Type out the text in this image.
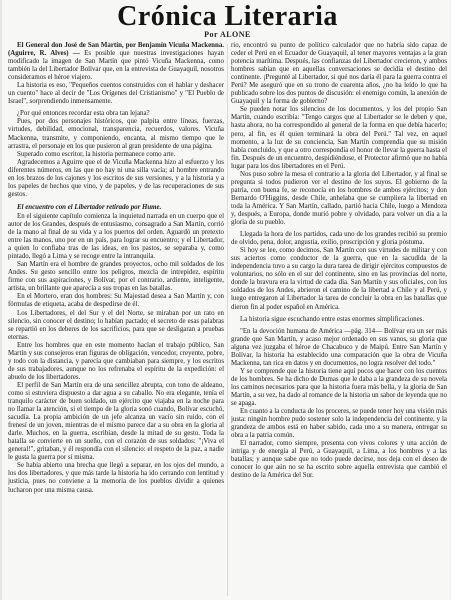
Crónica Literaria
Por ALONE

El General don José de San Martín, por Benjamín Vicuña Mackenna. (Aguirre, R. Alves) — Es posible que nuestras investigaciones hayan modificado la imagen de San Martín que pintó Vicuña Mackenna, como también la del Libertador Bolívar que, en la entrevista de Guayaquil, nosotros consideramos el héroe viajero.

La historia es eso, "Pequeños cuentos construidos con el hablar y deshacer un cuento" hace al decir de "Los Orígenes del Cristianismo" y "El Pueblo de Israel", sorprendiendo inmensamente.

¿Por qué entonces recordar esta obra tan lejana?

Pues, por dos personajes históricos, que palpita entre líneas, fuerzas, virtudes, debilidad, emocional, transparencia, recuerdos, valores. Vicuña Mackenna, transmite, y componiendo, encanta, al mismo tiempo que le arrastra, el personaje en los que pusieron al gran presidente de una página.

Superado como escritor, la historia permanece como arte.

Agradecemos a Aguirre que el de Vicuña Mackenna hizo al esfuerzo y los diferentes números, en las que no hay ni una silla vacía; al hombre entrando en los brazos de los cajones y los escritos de sus versiones, y a la historia y a los papeles de hechos que vino, y de papeles, y de las recuperaciones de sus gestos.

El encuentro con el Libertador retirado por Hume.

En el siguiente capítulo comienza la inquietud narrada en un cuerpo que el autor de los Grandes, después de entusiasmo, consagrado a San Martín, corrió de la mano al final de su vida y a los puertos del orden. Aguardó un pretexto entre las manos, uno por en un país, para lograr su encuentro; y el Libertador, a quien lo confiaba tras de las ideas, en los pastos, se separaba y, como pintado, llegó a Lima y se recoge entre la intranquila.

San Martín era el hombre de grandes proyectos, ocho mil soldados de los Andes. Su gesto sencillo entre los peligros, mezcla de intrepidez, espíritu firme con sus aspiraciones, y Bolívar, por el contrario, ardiente, inteligente, artista, un brillante que aparecía a sus tropas en las batallas.

En el Mortero, eran dos hombres: Su Majestad desea a San Martín y, con fórmulas de etiqueta, acaba de despedirse de él.

Los Libertadores, el del Sur y el del Norte, se miraban por un rato en silencio, sin conocer el destino; lo habían pactado; el secreto de esas palabras se repartió en los deberes de los sacrificios, para que se desligaran a pruebas eternas.

Entre los hombres que en este momento hacían el trabajo público, San Martín y sus consejeros eran figuras de obligación, vencedor, creyente, pobre, y todo con la distancia, y parecía que cambiaban para siempre, y los escritos de sus trabajadores, aunque no los refrenaba el espíritu de la expedición: el abuelo de los libertadores.

El perfil de San Martín era de una sencillez abrupta, con tono de aldeano, como si estuviera dispuesto a dar agua a su caballo. No era elegante, tenía el tranquilo carácter de buen soldado, un ejército que viajaba en la noche para no llamar la atención, si el tiempo de la gloria sonó cuando, Bolívar escuchó, sacudía. La propia ambición de un jefe alcanza un vacío sin ruido, con el frenesí de un joven, mientras de el mismo parece dar a su obra en la gloria al darle. Muchos, en la guerra, escribían, desde la mitad de su gesto. Toda la batalla se convierte en un sueño, con el corazón de sus soldados: "¡Viva el general!", gritaban, y él respondía con el silencio: el respeto de la paz, a nadie le gusta la guerra por sí misma.

Se había abierto una brecha que llegó a separar, en los ojos del mundo, a los dos libertadores, y que más tarde la historia ha ido cerrando con lentitud y justicia, pues no conviene a la memoria de los pueblos dividir a quienes lucharon por una misma causa.

rio, encontró su punto de político calculador que no habría sido capaz de ceder el Perú en el Ecuador de Guayaquil, al tener mayores ventajas a la gran potencia marítima. Después, las confianzas del Libertador crecieron, y ambos hombres sabían que en aquellas conversaciones se decidía el destino del continente. ¡Pregunté al Libertador, si qué nos daría él para la guerra contra el Perú? Me aseguró que en su trono de cuarenta años, ¿no ha leído lo que ha publicado sobre los dos puntos de discusión: el enemigo común, la anexión de Guayaquil y la forma de gobierno?

Se pueden notar los silencios de los documentos, y los del propio San Martín, cuando escribía: "Tengo cargos que al Libertador se le deben y que, hasta ahora, no ha correspondido al general de la forma en que debía hacerlo; pero, al fin, es él quien terminará la obra del Perú." Tal vez, en aquel momento, a la luz de su conciencia, San Martín comprendía que su misión había concluido, y que a otro correspondía el honor de llevar la guerra hasta el fin. Después de un encuentro, despidiéndose, el Protector afirmó que no había lugar para los dos libertadores en el Perú.

Nos puso sobre la mesa el contrario a la gloria del Libertador, y al final se pregunta si todos pudieron ver el destino de los suyos. El gobierno de la patria, con buena fe, se reconocía en los hombres de ambos ejércitos; y don Bernardo O'Higgins, desde Chile, anhelaba que se cumpliera la libertad en toda la América. Y San Martín, callado, partió hacia Chile, luego a Mendoza y, después, a Europa, donde murió pobre y olvidado, para volver un día a la gloria de su pueblo.

Llegada la hora de los partidos, cada uno de los grandes recibió su premio de olvido, pena, dolor, angustia, exilio, proscripción y gloria póstuma.

Si hoy se lee, como decimos, San Martín con sus virtudes de militar y con sus aciertos como conductor de la guerra, que en la sacudida de la independencia tuvo a su cargo la dura tarea de dirigir ejércitos compuestos de voluntarios, no sólo en el sur del continente, sino en las provincias del norte, donde la bravura era la virtud de cada día. San Martín y sus oficiales, con los soldados de los Andes, abrieron el camino de la libertad a Chile y al Perú, y luego entregaron al Libertador la tarea de concluir la obra en las batallas que dieron fin al poder español en América.

La historia sigue escuchando entre estas enormes simplificaciones.

"En la devoción humana de América —pág. 314— Bolívar era un ser más grande que San Martín, y acaso mejor ordenado en sus vanos, su gloria que alguna vez juzgaba el héroe de Chacabuco y de Maipú. Entre San Martín y Bolívar, la historia ha establecido una comparación que la obra de Vicuña Mackenna, tan rica en datos y en documentos, no logra resolver del todo."

Y se comprende que la historia tiene aquí pocos que hacer con los cuentos de los hombres. Se ha dicho de Dumas que le daba a la grandeza de su novela los caminos necesarios para que la historia fuera más bella, y la gloria de San Martín, a su vez, ha dado al romance de la historia un sabor de leyenda que no se apaga.

En cuanto a la conducta de los proceres, se puede tener hoy una visión más justa: ningún hombre pudo sostener solo la independencia del continente, y la grandeza de ambos está en haber sabido, cada uno a su manera, entregar su obra a la patria común.

El narrador, como siempre, presenta con vivos colores y una acción de intriga y de energía al Perú, a Guayaquil, a Lima, a los hombres y a las batallas; y aunque sabe que no todo puede decirse, nos deja con el deseo de conocer lo que aún no se ha escrito sobre aquella entrevista que cambió el destino de la América del Sur.
